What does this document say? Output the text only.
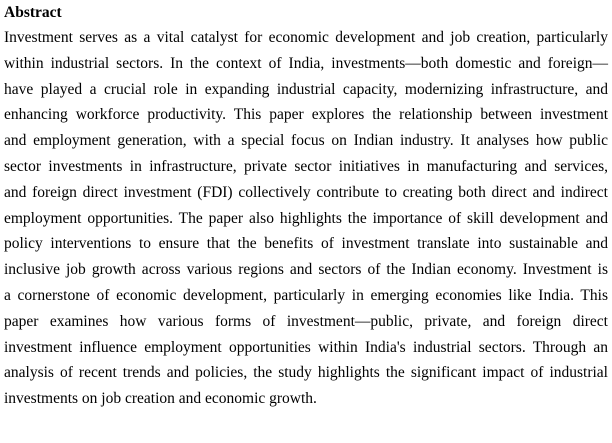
Abstract
Investment serves as a vital catalyst for economic development and job creation, particularly
within industrial sectors. In the context of India, investments—both domestic and foreign—
have played a crucial role in expanding industrial capacity, modernizing infrastructure, and
enhancing workforce productivity. This paper explores the relationship between investment
and employment generation, with a special focus on Indian industry. It analyses how public
sector investments in infrastructure, private sector initiatives in manufacturing and services,
and foreign direct investment (FDI) collectively contribute to creating both direct and indirect
employment opportunities. The paper also highlights the importance of skill development and
policy interventions to ensure that the benefits of investment translate into sustainable and
inclusive job growth across various regions and sectors of the Indian economy. Investment is
a cornerstone of economic development, particularly in emerging economies like India. This
paper examines how various forms of investment—public, private, and foreign direct
investment influence employment opportunities within India's industrial sectors. Through an
analysis of recent trends and policies, the study highlights the significant impact of industrial
investments on job creation and economic growth.
